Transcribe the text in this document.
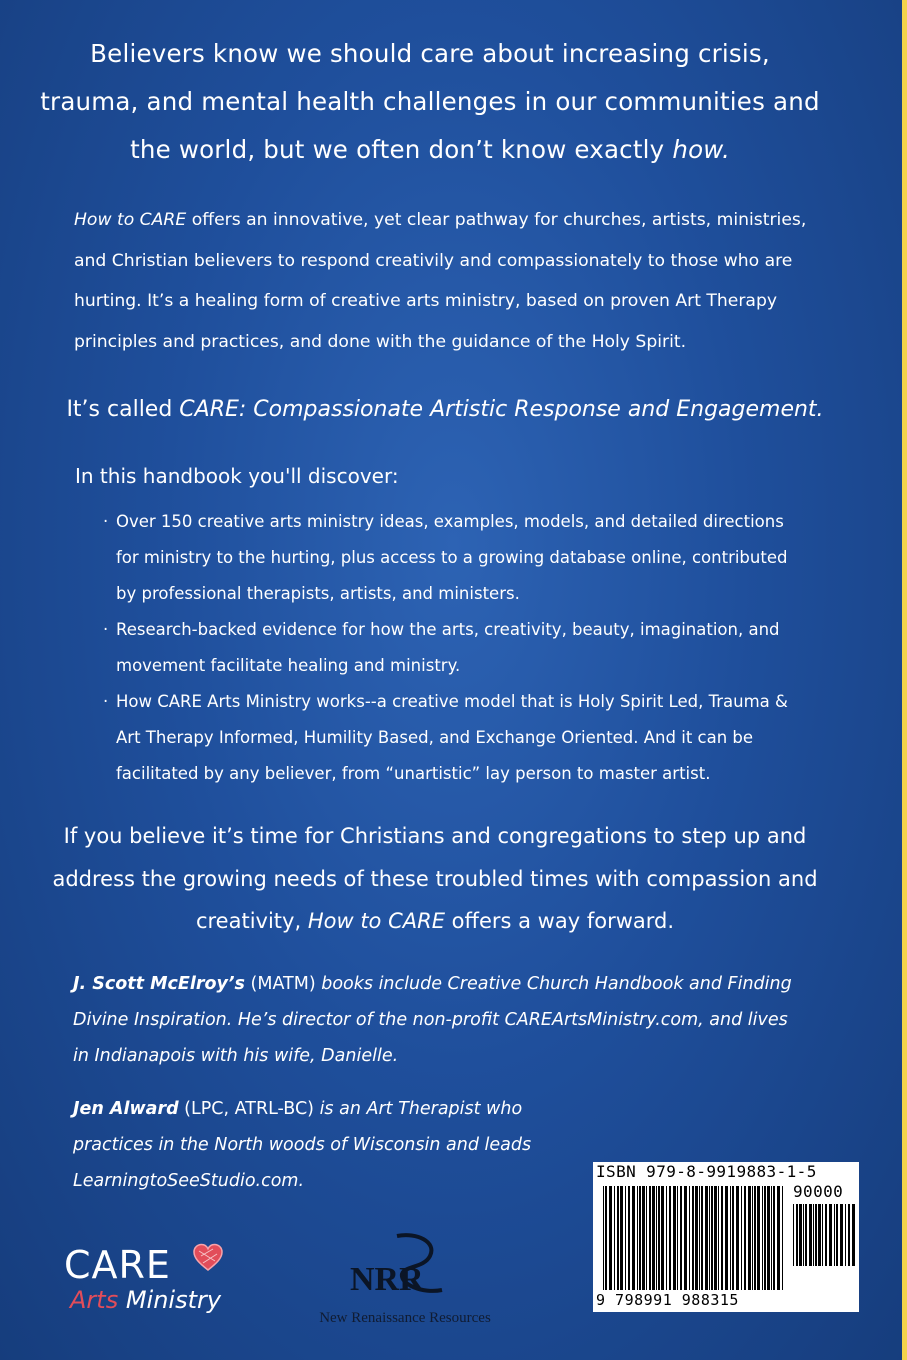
Believers know we should care about increasing crisis, trauma, and mental health challenges in our communities and the world, but we often don’t know exactly how.

How to CARE offers an innovative, yet clear pathway for churches, artists, ministries, and Christian believers to respond creativily and compassionately to those who are hurting. It’s a healing form of creative arts ministry, based on proven Art Therapy principles and practices, and done with the guidance of the Holy Spirit.

It’s called CARE: Compassionate Artistic Response and Engagement.

In this handbook you'll discover:

· Over 150 creative arts ministry ideas, examples, models, and detailed directions for ministry to the hurting, plus access to a growing database online, contributed by professional therapists, artists, and ministers.
· Research-backed evidence for how the arts, creativity, beauty, imagination, and movement facilitate healing and ministry.
· How CARE Arts Ministry works--a creative model that is Holy Spirit Led, Trauma & Art Therapy Informed, Humility Based, and Exchange Oriented. And it can be facilitated by any believer, from “unartistic” lay person to master artist.

If you believe it’s time for Christians and congregations to step up and address the growing needs of these troubled times with compassion and creativity, How to CARE offers a way forward.

J. Scott McElroy’s (MATM) books include Creative Church Handbook and Finding Divine Inspiration. He’s director of the non-profit CAREArtsMinistry.com, and lives in Indianapois with his wife, Danielle.

Jen Alward (LPC, ATRL-BC) is an Art Therapist who practices in the North woods of Wisconsin and leads LearningtoSeeStudio.com.

CARE
Arts Ministry
NRR
New Renaissance Resources
ISBN 979-8-9919883-1-5
90000
9 798991 988315
